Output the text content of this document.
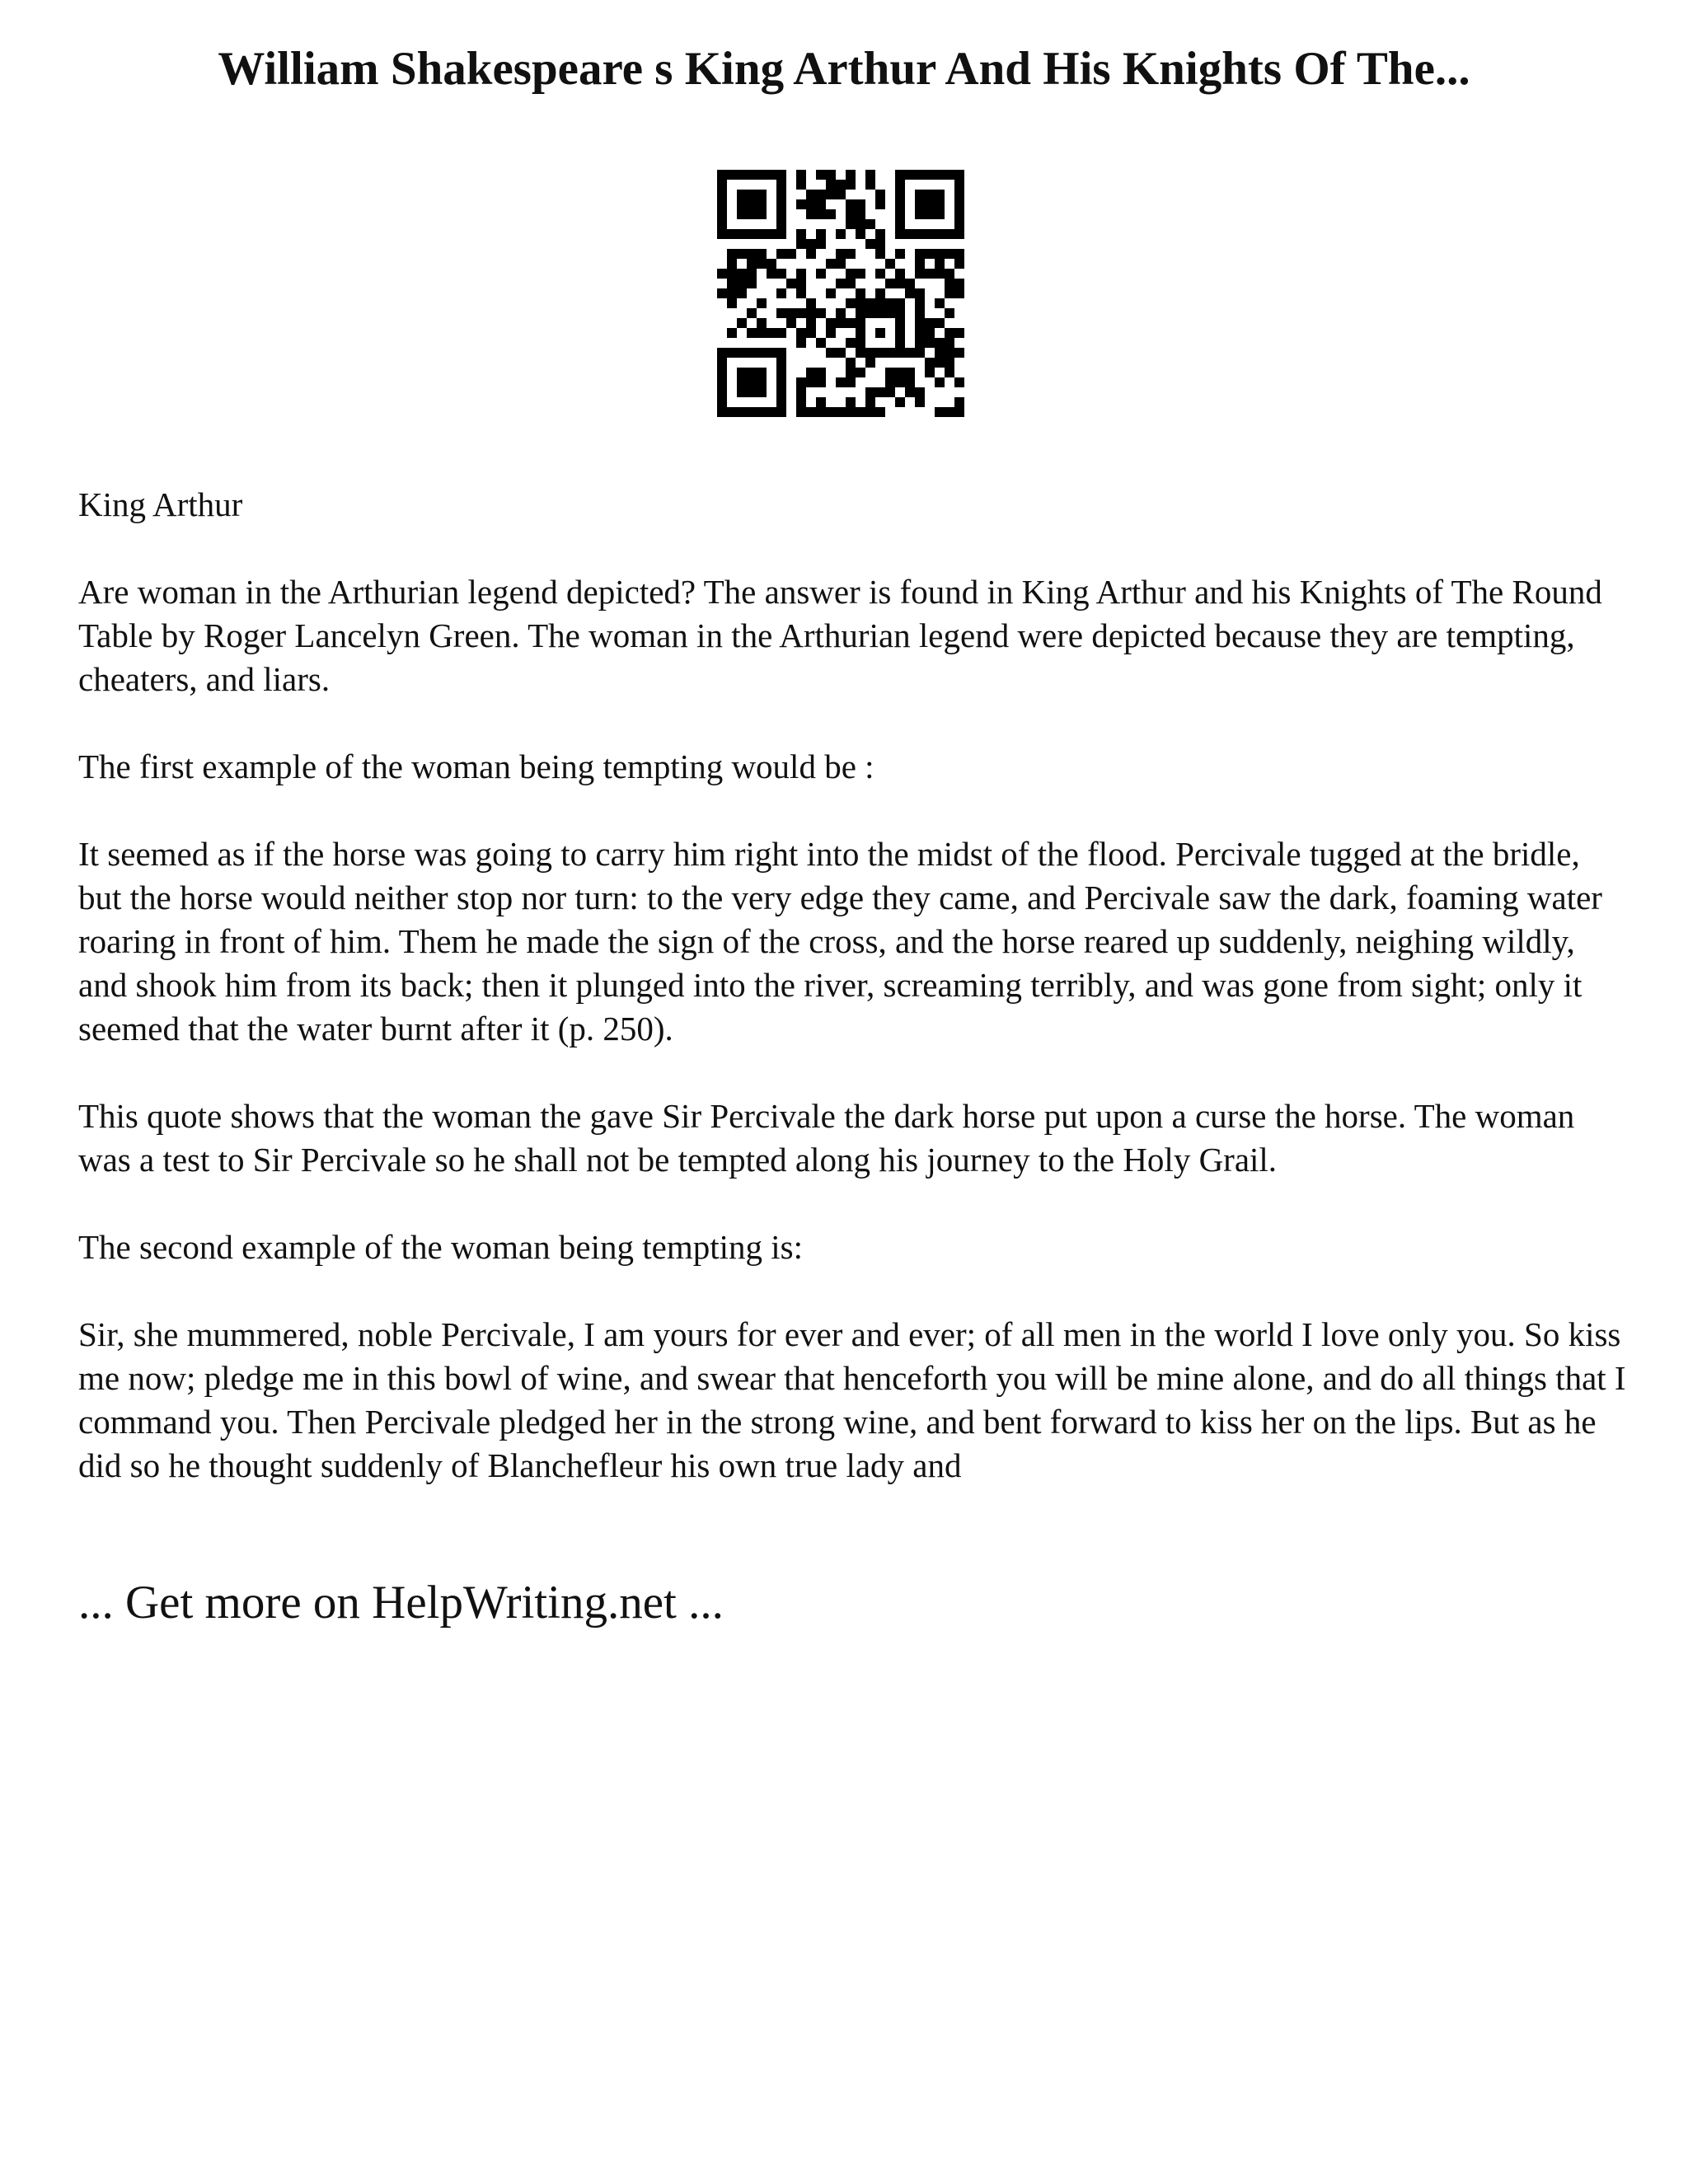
William Shakespeare s King Arthur And His Knights Of The...

King Arthur

Are woman in the Arthurian legend depicted? The answer is found in King Arthur and his Knights of The Round Table by Roger Lancelyn Green. The woman in the Arthurian legend were depicted because they are tempting, cheaters, and liars.

The first example of the woman being tempting would be :

It seemed as if the horse was going to carry him right into the midst of the flood. Percivale tugged at the bridle, but the horse would neither stop nor turn: to the very edge they came, and Percivale saw the dark, foaming water roaring in front of him. Them he made the sign of the cross, and the horse reared up suddenly, neighing wildly, and shook him from its back; then it plunged into the river, screaming terribly, and was gone from sight; only it seemed that the water burnt after it (p. 250).

This quote shows that the woman the gave Sir Percivale the dark horse put upon a curse the horse. The woman was a test to Sir Percivale so he shall not be tempted along his journey to the Holy Grail.

The second example of the woman being tempting is:

Sir, she mummered, noble Percivale, I am yours for ever and ever; of all men in the world I love only you. So kiss me now; pledge me in this bowl of wine, and swear that henceforth you will be mine alone, and do all things that I command you. Then Percivale pledged her in the strong wine, and bent forward to kiss her on the lips. But as he did so he thought suddenly of Blanchefleur his own true lady and

... Get more on HelpWriting.net ...
